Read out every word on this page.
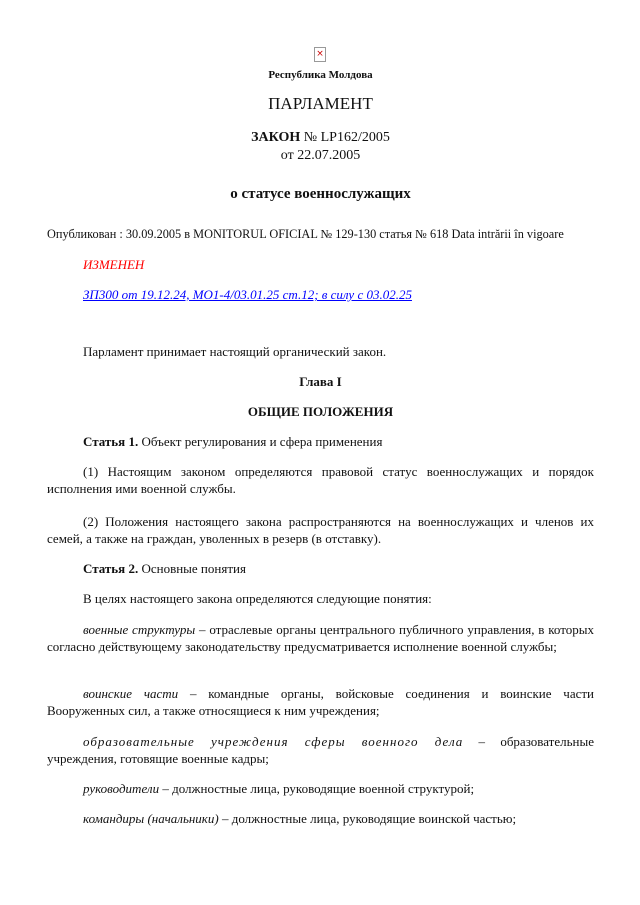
×
Республика Молдова
ПАРЛАМЕНТ
ЗАКОН № LP162/2005
от 22.07.2005
о статусе военнослужащих
Опубликован : 30.09.2005 в MONITORUL OFICIAL № 129-130 статья № 618 Data intrării în vigoare
ИЗМЕНЕН
ЗП300 от 19.12.24, MO1-4/03.01.25 ст.12; в силу с 03.02.25
Парламент принимает настоящий органический закон.
Глава I
ОБЩИЕ ПОЛОЖЕНИЯ
Статья 1. Объект регулирования и сфера применения
(1) Настоящим законом определяются правовой статус военнослужащих и порядок исполнения ими военной службы.
(2) Положения настоящего закона распространяются на военнослужащих и членов их семей, а также на граждан, уволенных в резерв (в отставку).
Статья 2. Основные понятия
В целях настоящего закона определяются следующие понятия:
военные структуры – отраслевые органы центрального публичного управления, в которых согласно действующему законодательству предусматривается исполнение военной службы;
воинские части – командные органы, войсковые соединения и воинские части Вооруженных сил, а также относящиеся к ним учреждения;
образовательные учреждения сферы военного дела – образовательные учреждения, готовящие военные кадры;
руководители – должностные лица, руководящие военной структурой;
командиры (начальники) – должностные лица, руководящие воинской частью;
